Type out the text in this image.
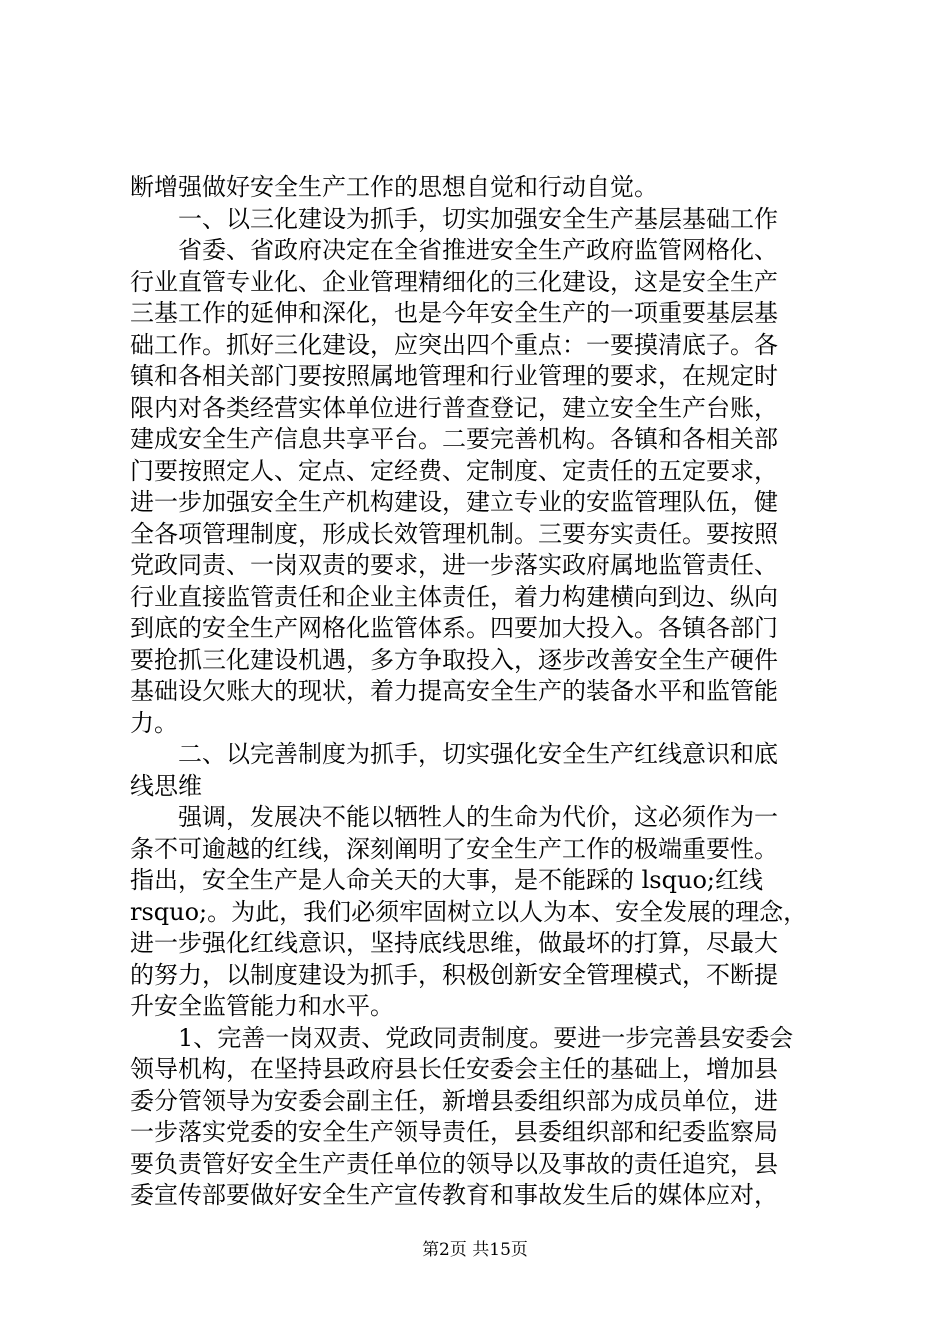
断增强做好安全生产工作的思想自觉和行动自觉。
一、以三化建设为抓手，切实加强安全生产基层基础工作
省委、省政府决定在全省推进安全生产政府监管网格化、
行业直管专业化、企业管理精细化的三化建设，这是安全生产
三基工作的延伸和深化，也是今年安全生产的一项重要基层基
础工作。抓好三化建设，应突出四个重点：一要摸清底子。各
镇和各相关部门要按照属地管理和行业管理的要求，在规定时
限内对各类经营实体单位进行普查登记，建立安全生产台账，
建成安全生产信息共享平台。二要完善机构。各镇和各相关部
门要按照定人、定点、定经费、定制度、定责任的五定要求，
进一步加强安全生产机构建设，建立专业的安监管理队伍，健
全各项管理制度，形成长效管理机制。三要夯实责任。要按照
党政同责、一岗双责的要求，进一步落实政府属地监管责任、
行业直接监管责任和企业主体责任，着力构建横向到边、纵向
到底的安全生产网格化监管体系。四要加大投入。各镇各部门
要抢抓三化建设机遇，多方争取投入，逐步改善安全生产硬件
基础设欠账大的现状，着力提高安全生产的装备水平和监管能
力。
二、以完善制度为抓手，切实强化安全生产红线意识和底
线思维
强调，发展决不能以牺牲人的生命为代价，这必须作为一
条不可逾越的红线，深刻阐明了安全生产工作的极端重要性。
指出，安全生产是人命关天的大事，是不能踩的 lsquo;红线
rsquo;。为此，我们必须牢固树立以人为本、安全发展的理念，
进一步强化红线意识，坚持底线思维，做最坏的打算，尽最大
的努力，以制度建设为抓手，积极创新安全管理模式，不断提
升安全监管能力和水平。
1、完善一岗双责、党政同责制度。要进一步完善县安委会
领导机构，在坚持县政府县长任安委会主任的基础上，增加县
委分管领导为安委会副主任，新增县委组织部为成员单位，进
一步落实党委的安全生产领导责任，县委组织部和纪委监察局
要负责管好安全生产责任单位的领导以及事故的责任追究，县
委宣传部要做好安全生产宣传教育和事故发生后的媒体应对，
第2页 共15页
